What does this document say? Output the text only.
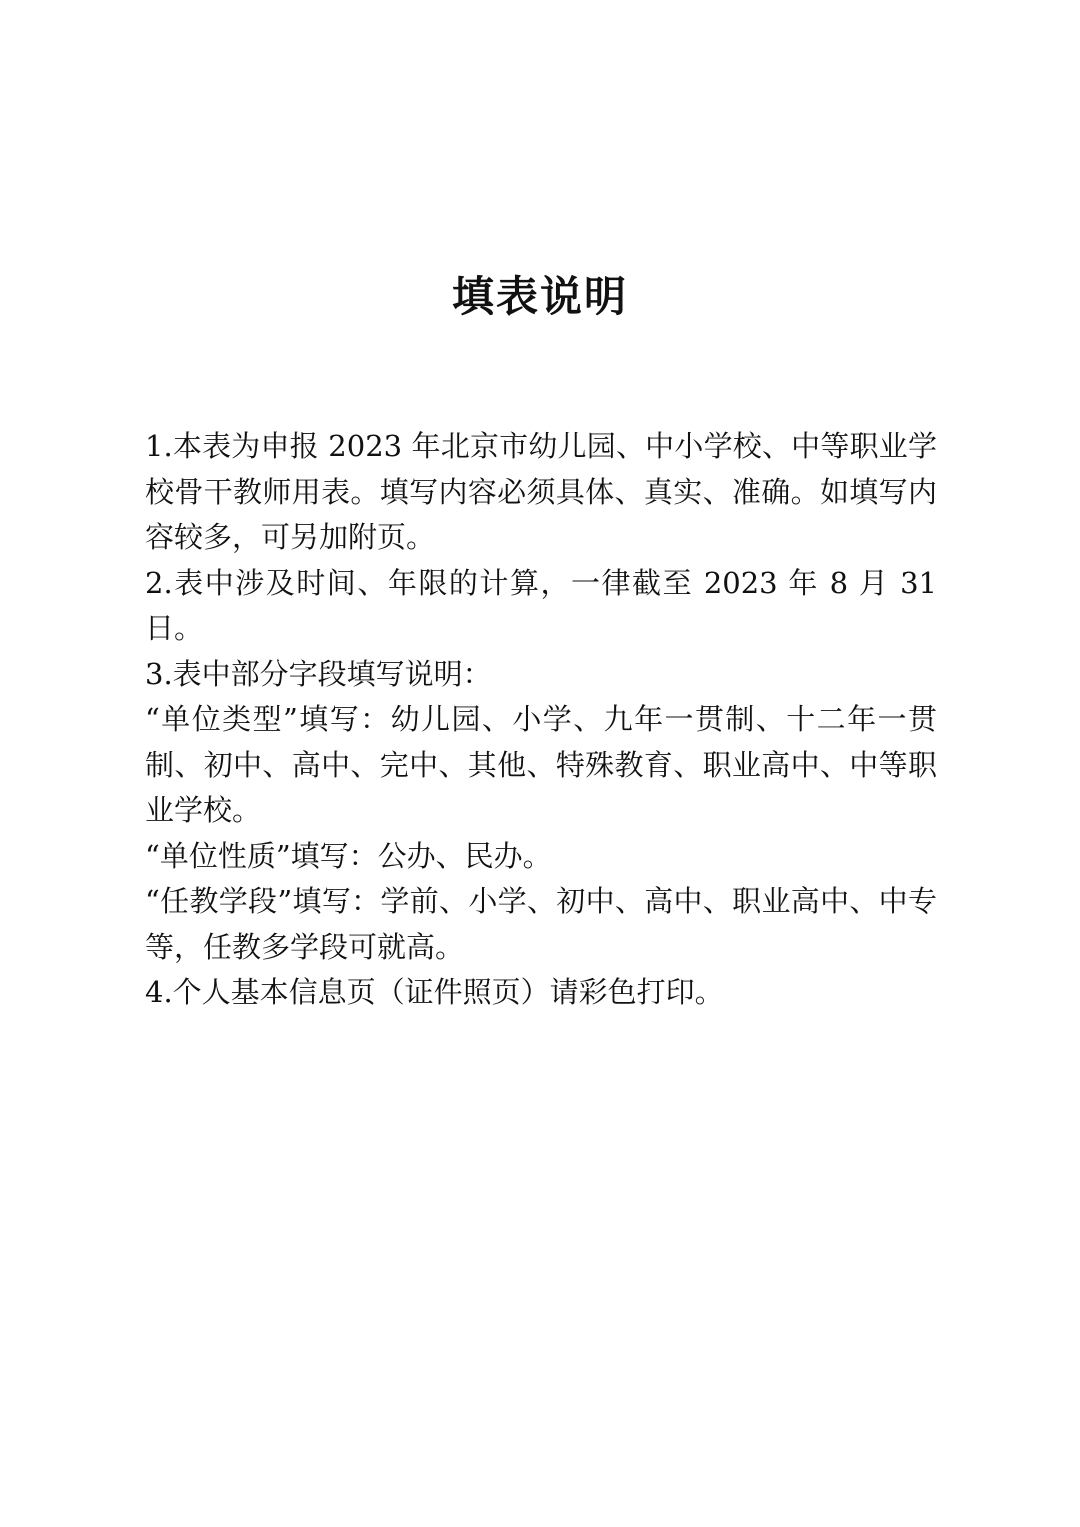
填表说明

1.本表为申报 2023 年北京市幼儿园、中小学校、中等职业学校骨干教师用表。填写内容必须具体、真实、准确。如填写内容较多，可另加附页。

2.表中涉及时间、年限的计算，一律截至 2023 年 8 月 31 日。

3.表中部分字段填写说明：

“单位类型”填写：幼儿园、小学、九年一贯制、十二年一贯制、初中、高中、完中、其他、特殊教育、职业高中、中等职业学校。

“单位性质”填写：公办、民办。

“任教学段”填写：学前、小学、初中、高中、职业高中、中专等，任教多学段可就高。

4.个人基本信息页（证件照页）请彩色打印。
